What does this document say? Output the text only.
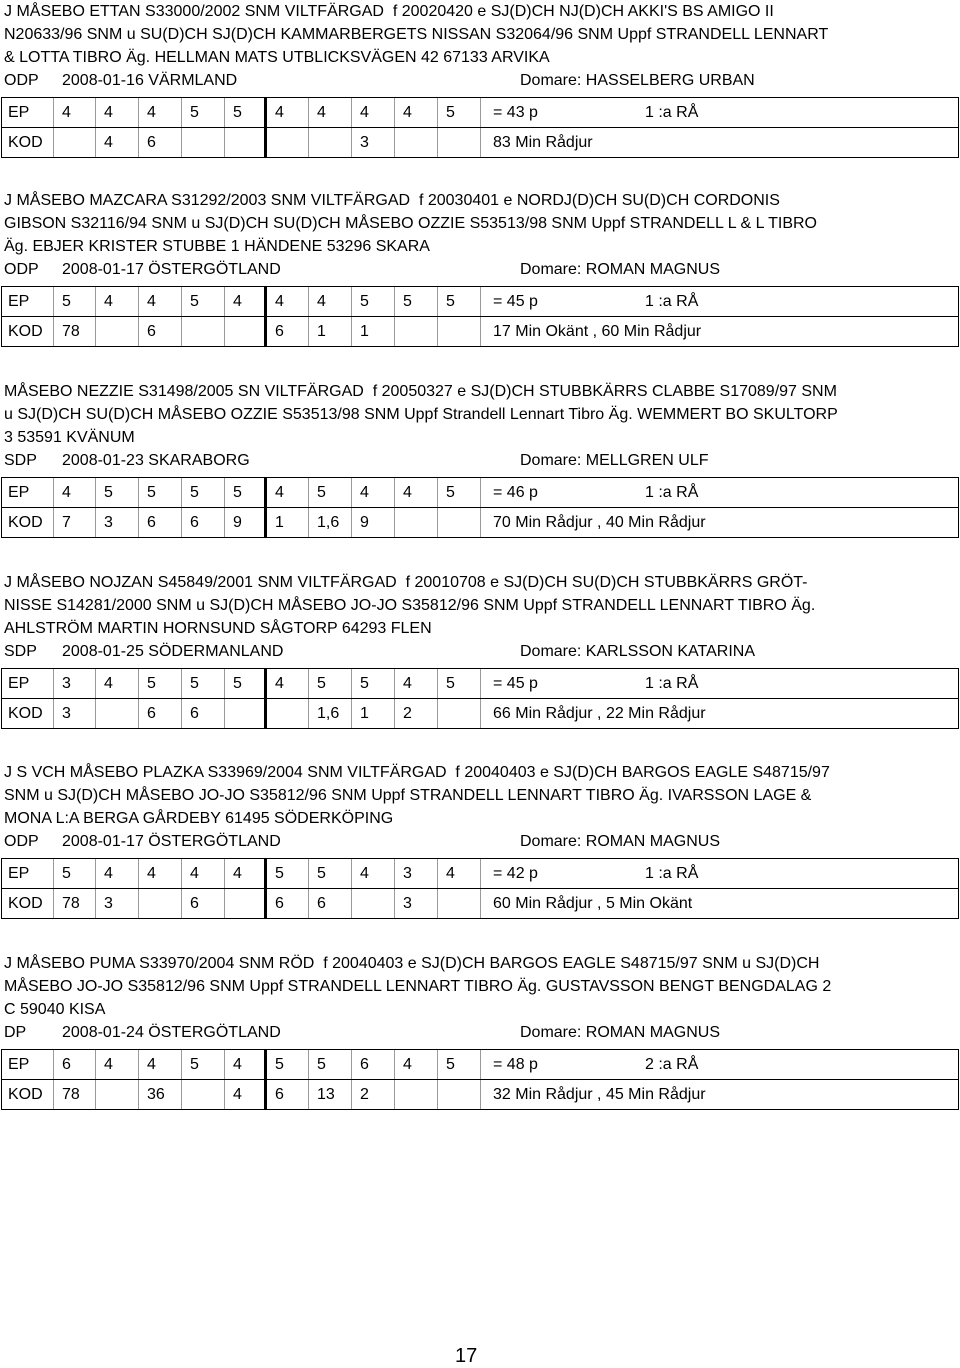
J MÅSEBO ETTAN S33000/2002 SNM VILTFÄRGAD  f 20020420 e SJ(D)CH NJ(D)CH AKKI'S BS AMIGO II
N20633/96 SNM u SU(D)CH SJ(D)CH KAMMARBERGETS NISSAN S32064/96 SNM Uppf STRANDELL LENNART
& LOTTA TIBRO Äg. HELLMAN MATS UTBLICKSVÄGEN 42 67133 ARVIKA
ODP 2008-01-16 VÄRMLAND	Domare: HASSELBERG URBAN
EP	4	4	4	5	5	4	4	4	4	5	= 43 p 1 :a RÅ
KOD		4	6					3			83 Min Rådjur
J MÅSEBO MAZCARA S31292/2003 SNM VILTFÄRGAD  f 20030401 e NORDJ(D)CH SU(D)CH CORDONIS
GIBSON S32116/94 SNM u SJ(D)CH SU(D)CH MÅSEBO OZZIE S53513/98 SNM Uppf STRANDELL L & L TIBRO
Äg. EBJER KRISTER STUBBE 1 HÄNDENE 53296 SKARA
ODP 2008-01-17 ÖSTERGÖTLAND	Domare: ROMAN MAGNUS
EP	5	4	4	5	4	4	4	5	5	5	= 45 p 1 :a RÅ
KOD	78		6			6	1	1			17 Min Okänt , 60 Min Rådjur
MÅSEBO NEZZIE S31498/2005 SN VILTFÄRGAD  f 20050327 e SJ(D)CH STUBBKÄRRS CLABBE S17089/97 SNM
u SJ(D)CH SU(D)CH MÅSEBO OZZIE S53513/98 SNM Uppf Strandell Lennart Tibro Äg. WEMMERT BO SKULTORP
3 53591 KVÄNUM
SDP 2008-01-23 SKARABORG	Domare: MELLGREN ULF
EP	4	5	5	5	5	4	5	4	4	5	= 46 p 1 :a RÅ
KOD	7	3	6	6	9	1	1,6	9			70 Min Rådjur , 40 Min Rådjur
J MÅSEBO NOJZAN S45849/2001 SNM VILTFÄRGAD  f 20010708 e SJ(D)CH SU(D)CH STUBBKÄRRS GRÖT-
NISSE S14281/2000 SNM u SJ(D)CH MÅSEBO JO-JO S35812/96 SNM Uppf STRANDELL LENNART TIBRO Äg.
AHLSTRÖM MARTIN HORNSUND SÅGTORP 64293 FLEN
SDP 2008-01-25 SÖDERMANLAND	Domare: KARLSSON KATARINA
EP	3	4	5	5	5	4	5	5	4	5	= 45 p 1 :a RÅ
KOD	3		6	6			1,6	1	2		66 Min Rådjur , 22 Min Rådjur
J S VCH MÅSEBO PLAZKA S33969/2004 SNM VILTFÄRGAD  f 20040403 e SJ(D)CH BARGOS EAGLE S48715/97
SNM u SJ(D)CH MÅSEBO JO-JO S35812/96 SNM Uppf STRANDELL LENNART TIBRO Äg. IVARSSON LAGE &
MONA L:A BERGA GÅRDEBY 61495 SÖDERKÖPING
ODP 2008-01-17 ÖSTERGÖTLAND	Domare: ROMAN MAGNUS
EP	5	4	4	4	4	5	5	4	3	4	= 42 p 1 :a RÅ
KOD	78	3		6		6	6		3		60 Min Rådjur , 5 Min Okänt
J MÅSEBO PUMA S33970/2004 SNM RÖD  f 20040403 e SJ(D)CH BARGOS EAGLE S48715/97 SNM u SJ(D)CH
MÅSEBO JO-JO S35812/96 SNM Uppf STRANDELL LENNART TIBRO Äg. GUSTAVSSON BENGT BENGDALAG 2
C 59040 KISA
DP 2008-01-24 ÖSTERGÖTLAND	Domare: ROMAN MAGNUS
EP	6	4	4	5	4	5	5	6	4	5	= 48 p 2 :a RÅ
KOD	78		36		4	6	13	2			32 Min Rådjur , 45 Min Rådjur
17
